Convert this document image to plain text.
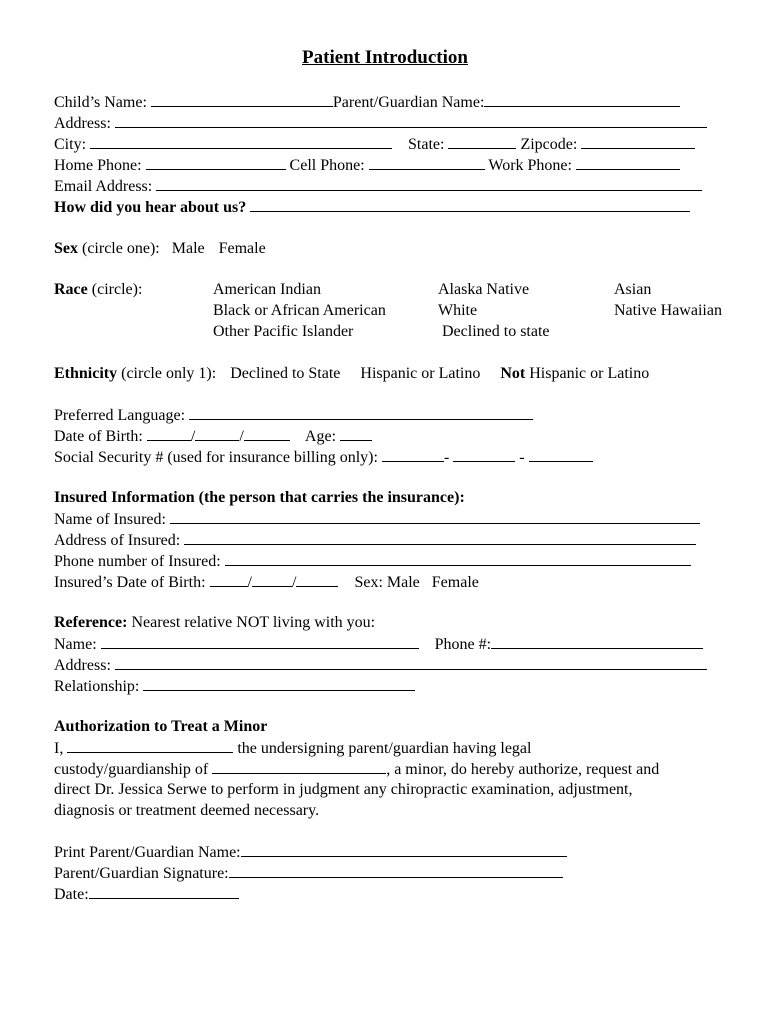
Patient Introduction
Child’s Name:	Parent/Guardian Name:
Address:
City:	State:	Zipcode:
Home Phone:	Cell Phone:	Work Phone:
Email Address:
How did you hear about us?
Sex (circle one): Male Female
Race (circle):	American Indian	Alaska Native	Asian
Black or African American	White	Native Hawaiian
Other Pacific Islander	Declined to state
Ethnicity (circle only 1): Declined to State Hispanic or Latino Not Hispanic or Latino
Preferred Language:
Date of Birth:	/	/	Age:
Social Security # (used for insurance billing only):	-	-
Insured Information (the person that carries the insurance):
Name of Insured:
Address of Insured:
Phone number of Insured:
Insured’s Date of Birth:	/	/	Sex: Male Female
Reference: Nearest relative NOT living with you:
Name:	Phone #:
Address:
Relationship:
Authorization to Treat a Minor
I,	the undersigning parent/guardian having legal
custody/guardianship of	, a minor, do hereby authorize, request and
direct Dr. Jessica Serwe to perform in judgment any chiropractic examination, adjustment,
diagnosis or treatment deemed necessary.
Print Parent/Guardian Name:
Parent/Guardian Signature:
Date:
